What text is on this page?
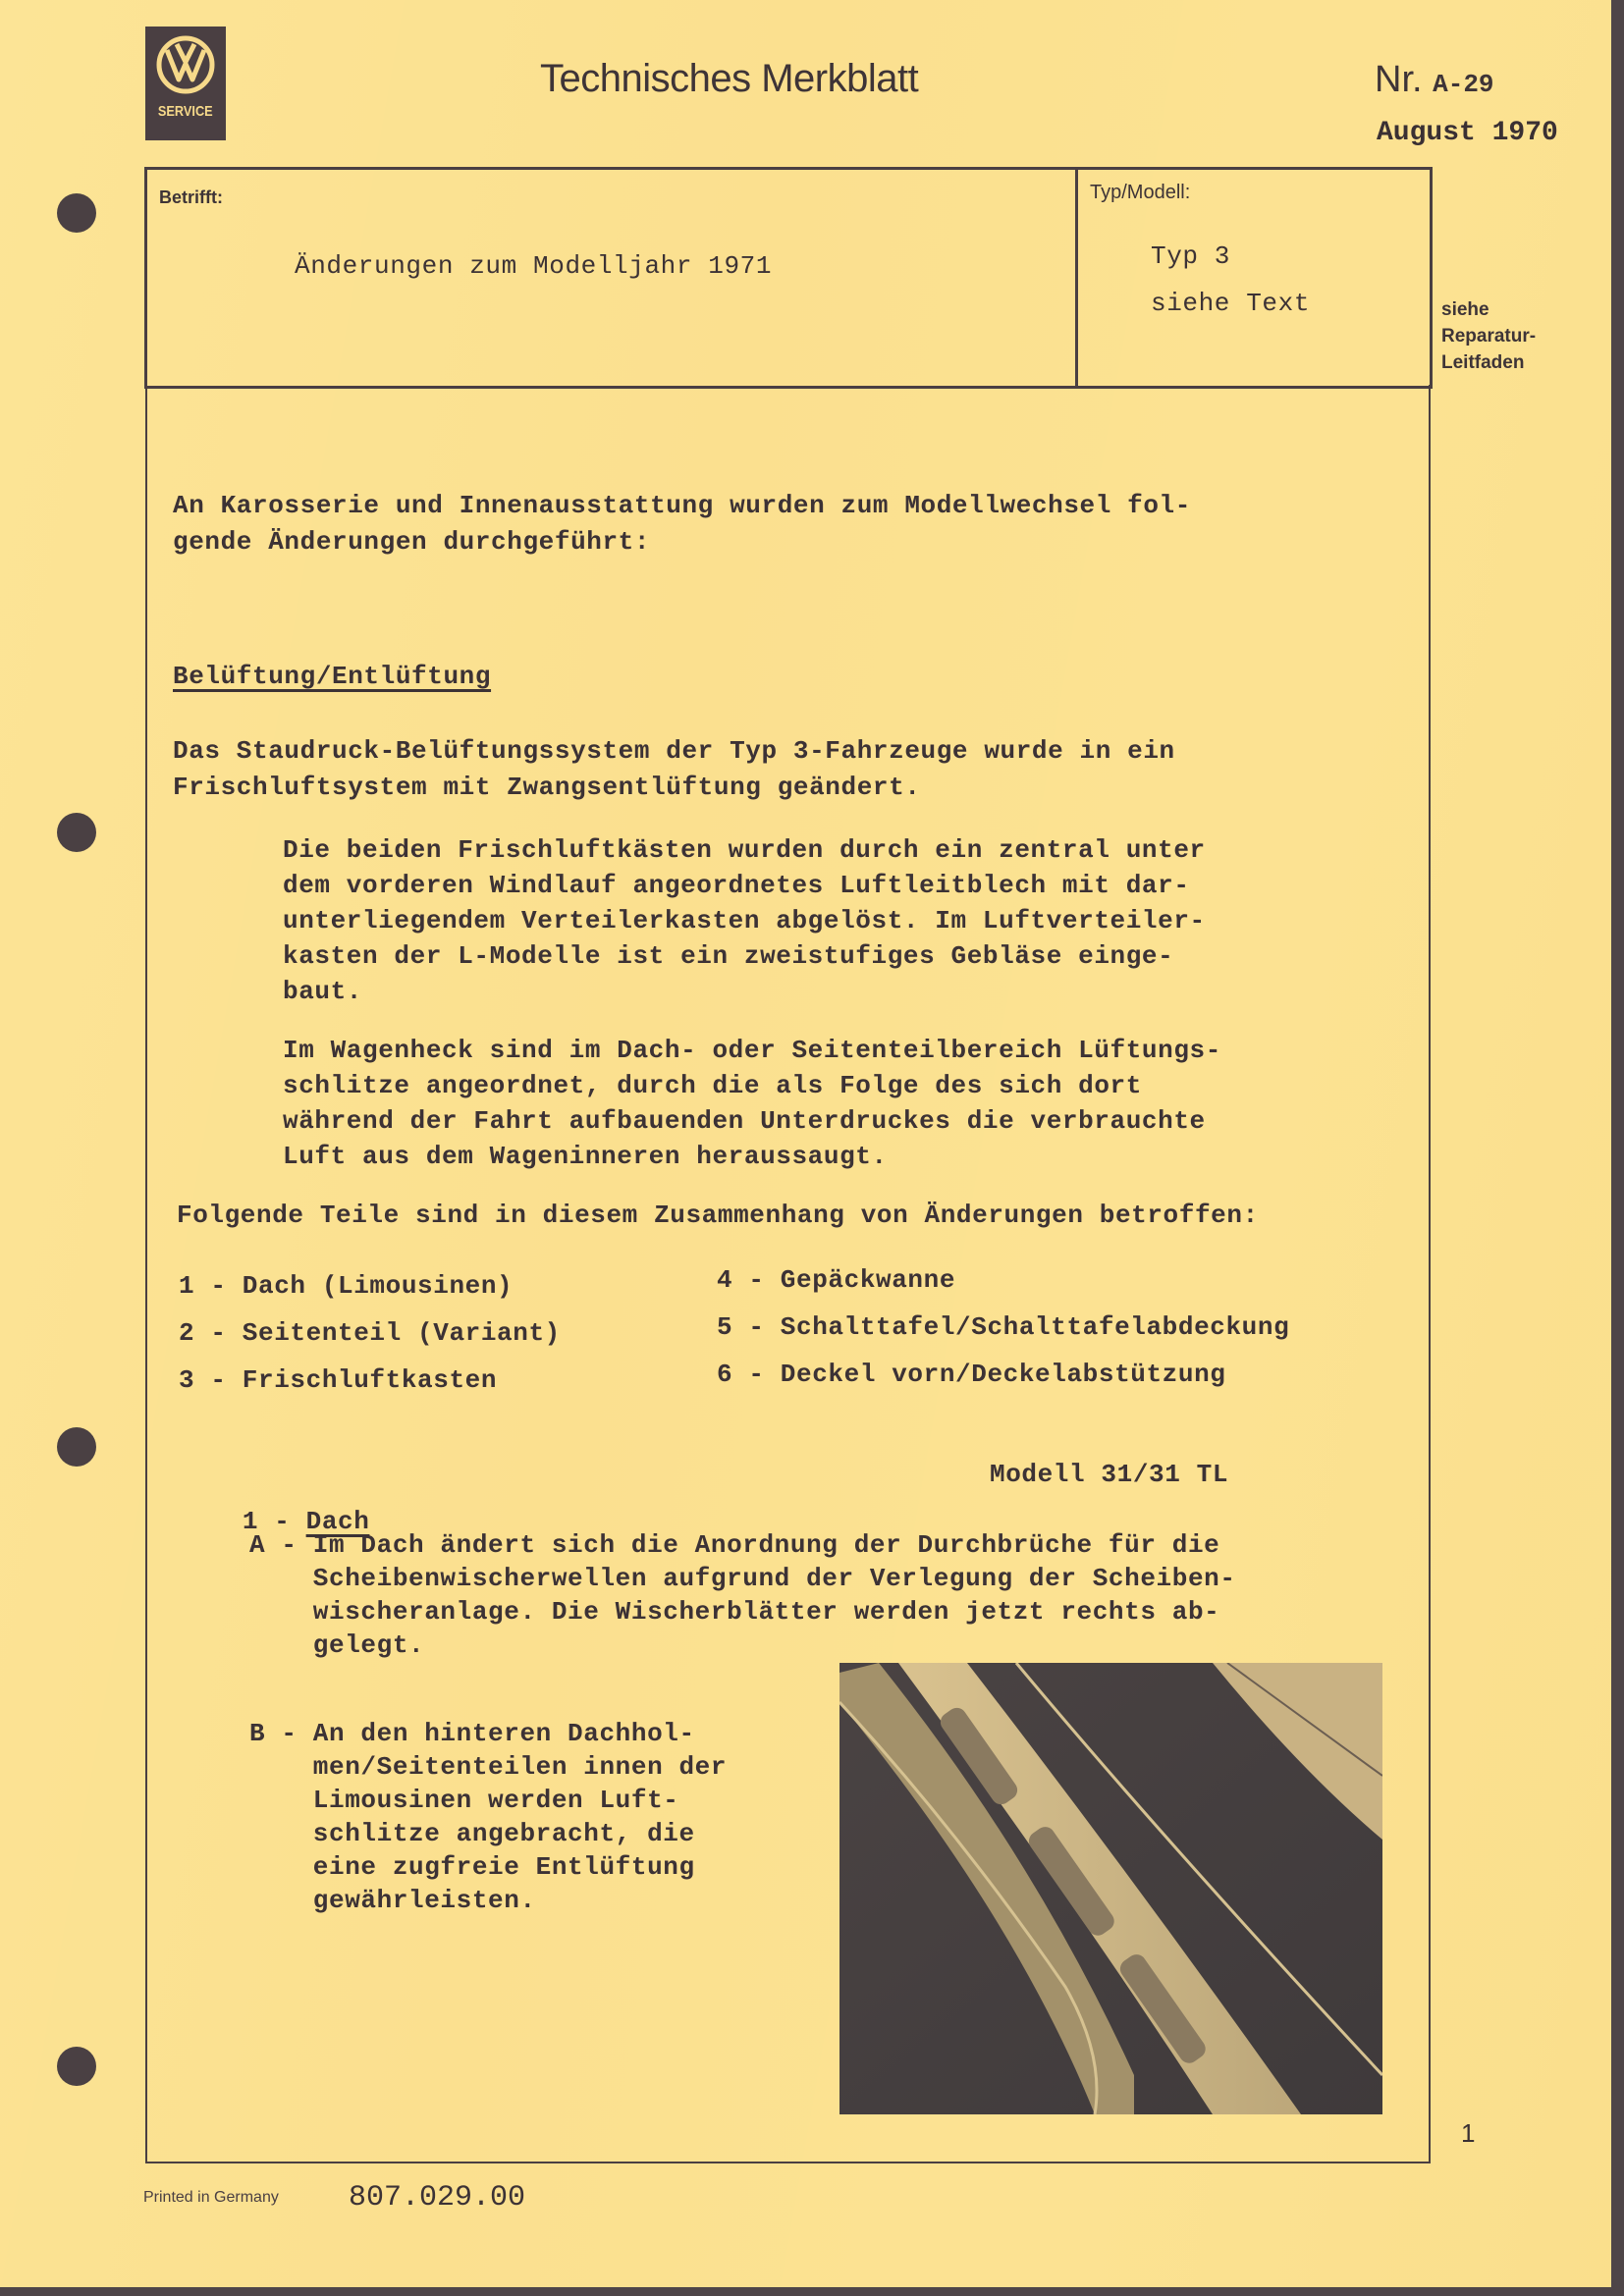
SERVICE
Technisches Merkblatt	Nr. A-29
August 1970
Betrifft:
Änderungen zum Modelljahr 1971
Typ/Modell:
Typ 3
siehe Text	siehe
Reparatur-
Leitfaden
An Karosserie und Innenausstattung wurden zum Modellwechsel fol-
gende Änderungen durchgeführt:
Belüftung/Entlüftung
Das Staudruck-Belüftungssystem der Typ 3-Fahrzeuge wurde in ein
Frischluftsystem mit Zwangsentlüftung geändert.
Die beiden Frischluftkästen wurden durch ein zentral unter
dem vorderen Windlauf angeordnetes Luftleitblech mit dar-
unterliegendem Verteilerkasten abgelöst. Im Luftverteiler-
kasten der L-Modelle ist ein zweistufiges Gebläse einge-
baut.
Im Wagenheck sind im Dach- oder Seitenteilbereich Lüftungs-
schlitze angeordnet, durch die als Folge des sich dort
während der Fahrt aufbauenden Unterdruckes die verbrauchte
Luft aus dem Wageninneren heraussaugt.
Folgende Teile sind in diesem Zusammenhang von Änderungen betroffen:
1 - Dach (Limousinen)
2 - Seitenteil (Variant)
3 - Frischluftkasten
4 - Gepäckwanne
5 - Schalttafel/Schalttafelabdeckung
6 - Deckel vorn/Deckelabstützung

1 - Dach

Modell 31/31 TL
A - Im Dach ändert sich die Anordnung der Durchbrüche für die
Scheibenwischerwellen aufgrund der Verlegung der Scheiben-
wischeranlage. Die Wischerblätter werden jetzt rechts ab-
gelegt.
B - An den hinteren Dachhol-
men/Seitenteilen innen der
Limousinen werden Luft-
schlitze angebracht, die
eine zugfreie Entlüftung
gewährleisten.
1
Printed in Germany 807.029.00
